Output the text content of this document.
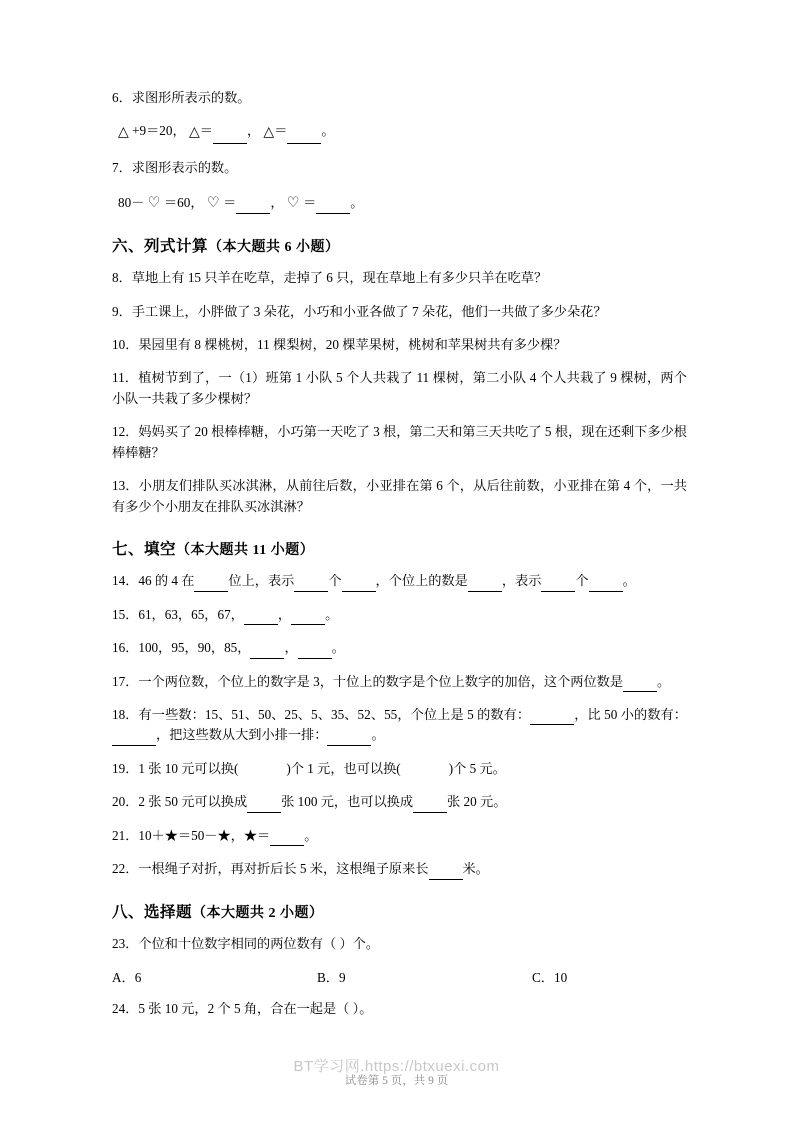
6．求图形所表示的数。
△ +9＝20， △＝	， △＝	。
7．求图形表示的数。
80－ ♡ ＝60， ♡ ＝	， ♡ ＝	。
六、列式计算（本大题共 6 小题）
8．草地上有 15 只羊在吃草，走掉了 6 只，现在草地上有多少只羊在吃草？
9．手工课上，小胖做了 3 朵花，小巧和小亚各做了 7 朵花，他们一共做了多少朵花？
10．果园里有 8 棵桃树，11 棵梨树，20 棵苹果树，桃树和苹果树共有多少棵？
11．植树节到了，一（1）班第 1 小队 5 个人共栽了 11 棵树，第二小队 4 个人共栽了 9 棵树，两个小队一共栽了多少棵树？
12．妈妈买了 20 根棒棒糖，小巧第一天吃了 3 根，第二天和第三天共吃了 5 根，现在还剩下多少根棒棒糖？
13．小朋友们排队买冰淇淋，从前往后数，小亚排在第 6 个，从后往前数，小亚排在第 4 个，一共有多少个小朋友在排队买冰淇淋？
七、填空（本大题共 11 小题）
14．46 的 4 在	位上，表示	个	，个位上的数是	，表示	个	。
15．61，63，65，67，	，	。
16．100，95，90，85，	，	。
17．一个两位数，个位上的数字是 3，十位上的数字是个位上数字的加倍，这个两位数是	。
18．有一些数：15、51、50、25、5、35、52、55，个位上是 5 的数有：	，比 50 小的数有：，把这些数从大到小排一排：	。
19．1 张 10 元可以换(	)个 1 元，也可以换(	)个 5 元。
20．2 张 50 元可以换成	张 100 元，也可以换成	张 20 元。
21．10＋★＝50－★，★＝	。
22．一根绳子对折，再对折后长 5 米，这根绳子原来长	米。
八、选择题（本大题共 2 小题）
23．个位和十位数字相同的两位数有（ ）个。
A．6	B．9	C．10
24．5 张 10 元，2 个 5 角，合在一起是（ ）。
BT学习网.https://btxuexi.com
试卷第 5 页，共 9 页
